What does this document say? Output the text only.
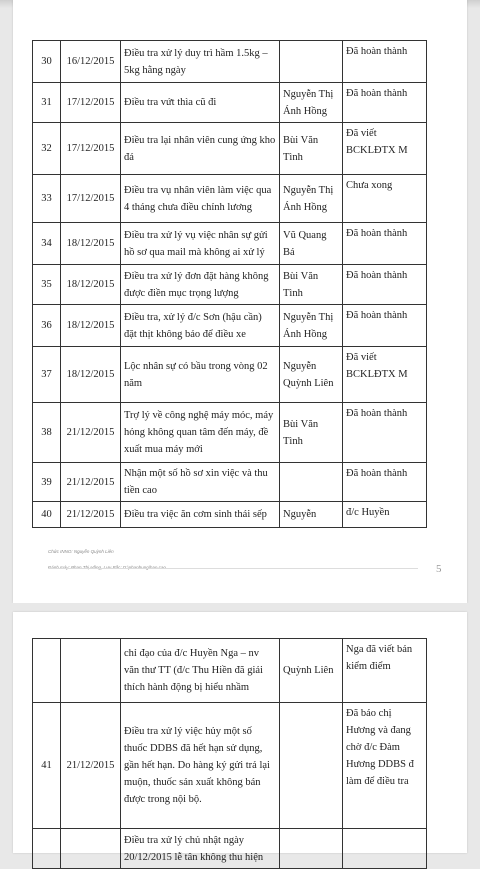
30	16/12/2015	Điều tra xử lý duy trì hầm 1.5kg – 5kg hằng ngày		Đã hoàn thành
31	17/12/2015	Điều tra vứt thìa cũ đi	Nguyễn Thị Ánh Hồng	Đã hoàn thành
32	17/12/2015	Điều tra lại nhân viên cung ứng kho đá	Bùi Văn Tình	Đã viết BCKLĐTX M
33	17/12/2015	Điều tra vụ nhân viên làm việc qua 4 tháng chưa điều chỉnh lương	Nguyễn Thị Ánh Hồng	Chưa xong
34	18/12/2015	Điều tra xử lý vụ việc nhân sự gửi hồ sơ qua mail mà không ai xử lý	Vũ Quang Bá	Đã hoàn thành
35	18/12/2015	Điều tra xử lý đơn đặt hàng không được điền mục trọng lượng	Bùi Văn Tình	Đã hoàn thành
36	18/12/2015	Điều tra, xử lý đ/c Sơn (hậu cần) đặt thịt không bảo để điều xe	Nguyễn Thị Ánh Hồng	Đã hoàn thành
37	18/12/2015	Lộc nhân sự có bầu trong vòng 02 năm	Nguyễn Quỳnh Liên	Đã viết BCKLĐTX M
38	21/12/2015	Trợ lý về công nghệ máy móc, máy hỏng không quan tâm đến máy, đề xuất mua máy mới	Bùi Văn Tình	Đã hoàn thành
39	21/12/2015	Nhận một số hồ sơ xin việc và thu tiền cao		Đã hoàn thành
40	21/12/2015	Điều tra việc ăn cơm sinh thái sếp	Nguyễn	đ/c Huyền
Chức INNO: Nguyễn Quỳnh Liên
Đánh máy: Phan Thị Hằng, Lưu Bắc: D:\phanhung\bao cao	5
		chỉ đạo của đ/c Huyền Nga – nv văn thư TT (đ/c Thu Hiền đã giải thích hành động bị hiểu nhầm	Quỳnh Liên	Nga đã viết bản kiểm điểm
41	21/12/2015	Điều tra xử lý việc hủy một số thuốc DDBS đã hết hạn sử dụng, gần hết hạn. Do hàng ký gửi trả lại muộn, thuốc sản xuất không bán được trong nội bộ.		Đã báo chị Hương và đang chờ đ/c Đàm Hương DDBS đ làm để điều tra
		Điều tra xử lý chủ nhật ngày 20/12/2015 lễ tân không thu hiện		
